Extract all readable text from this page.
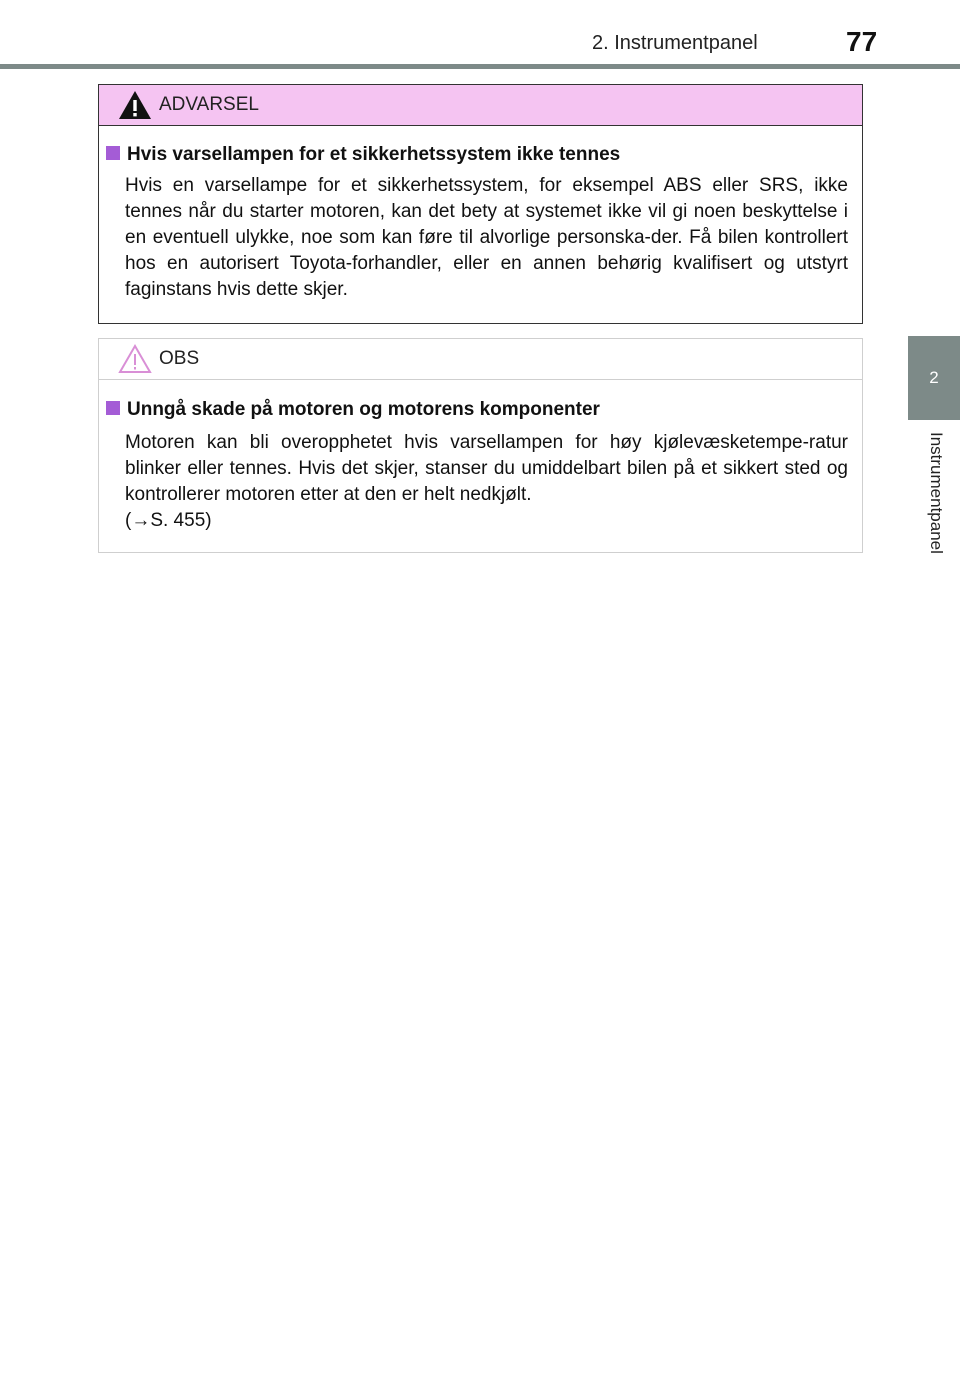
2. Instrumentpanel	77
2
Instrumentpanel
ADVARSEL
Hvis varsellampen for et sikkerhetssystem ikke tennes

Hvis en varsellampe for et sikkerhetssystem, for eksempel ABS eller SRS, ikke tennes når du starter motoren, kan det bety at systemet ikke vil gi noen beskyttelse i en eventuell ulykke, noe som kan føre til alvorlige personska-der. Få bilen kontrollert hos en autorisert Toyota-forhandler, eller en annen behørig kvalifisert og utstyrt faginstans hvis dette skjer.

OBS
Unngå skade på motoren og motorens komponenter

Motoren kan bli overopphetet hvis varsellampen for høy kjølevæsketempe-ratur blinker eller tennes. Hvis det skjer, stanser du umiddelbart bilen på et sikkert sted og kontrollerer motoren etter at den er helt nedkjølt.

(→S. 455)
